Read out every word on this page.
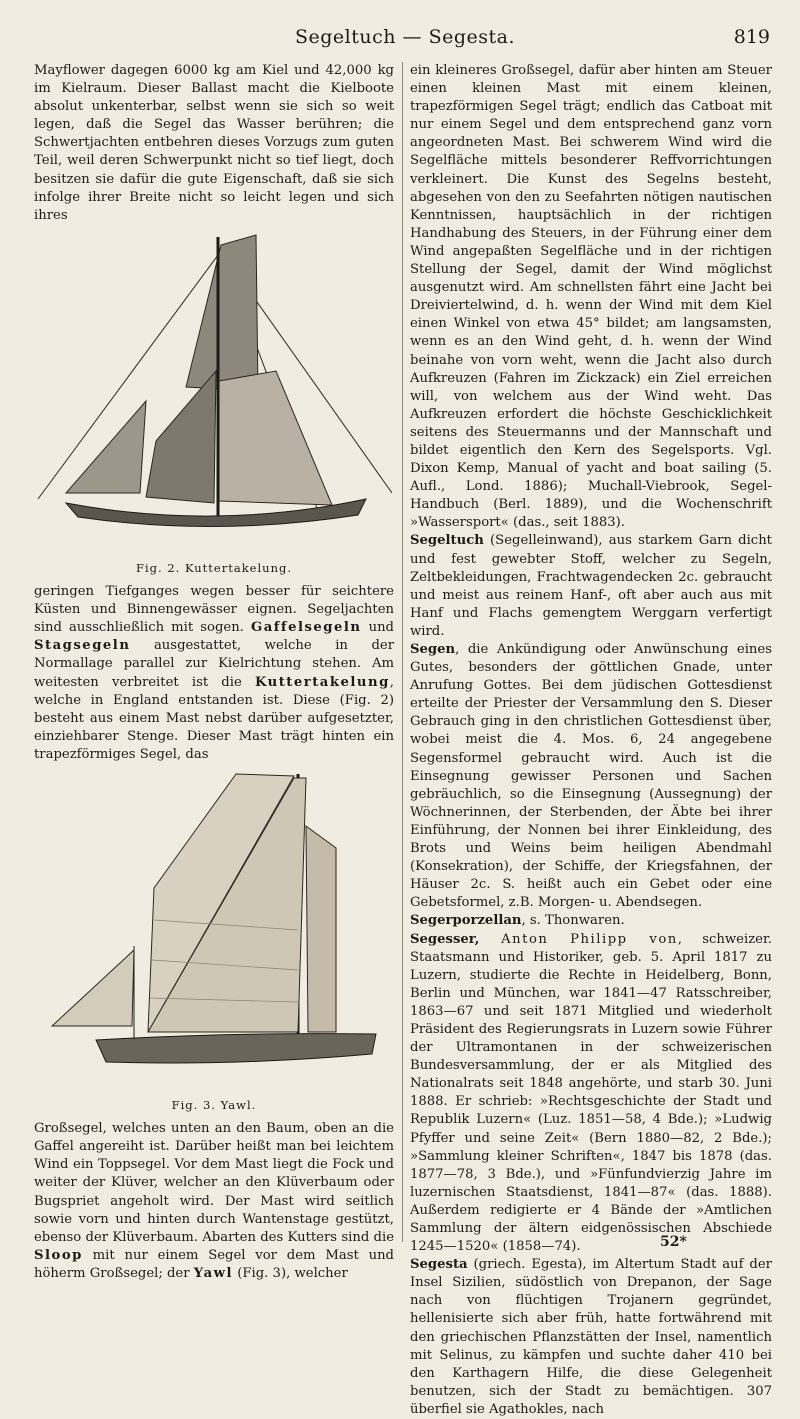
Segeltuch — Segesta.	819

Mayflower dagegen 6000 kg am Kiel und 42,000 kg im Kielraum. Dieser Ballast macht die Kielboote absolut unkenterbar, selbst wenn sie sich so weit legen, daß die Segel das Wasser berühren; die Schwertjachten entbehren dieses Vorzugs zum guten Teil, weil deren Schwerpunkt nicht so tief liegt, doch besitzen sie dafür die gute Eigenschaft, daß sie sich infolge ihrer Breite nicht so leicht legen und sich ihres

Fig. 2. Kuttertakelung.

geringen Tiefganges wegen besser für seichtere Küsten und Binnengewässer eignen. Segeljachten sind ausschließlich mit sogen. Gaffelsegeln und Stagsegeln ausgestattet, welche in der Normallage parallel zur Kielrichtung stehen. Am weitesten verbreitet ist die Kuttertakelung, welche in England entstanden ist. Diese (Fig. 2) besteht aus einem Mast nebst darüber aufgesetzter, einziehbarer Stenge. Dieser Mast trägt hinten ein trapezförmiges Segel, das

Fig. 3. Yawl.

Großsegel, welches unten an den Baum, oben an die Gaffel angereiht ist. Darüber heißt man bei leichtem Wind ein Toppsegel. Vor dem Mast liegt die Fock und weiter der Klüver, welcher an den Klüverbaum oder Bugspriet angeholt wird. Der Mast wird seitlich sowie vorn und hinten durch Wantenstage gestützt, ebenso der Klüverbaum. Abarten des Kutters sind die Sloop mit nur einem Segel vor dem Mast und höherm Großsegel; der Yawl (Fig. 3), welcher

ein kleineres Großsegel, dafür aber hinten am Steuer einen kleinen Mast mit einem kleinen, trapezförmigen Segel trägt; endlich das Catboat mit nur einem Segel und dem entsprechend ganz vorn angeordneten Mast. Bei schwerem Wind wird die Segelfläche mittels besonderer Reffvorrichtungen verkleinert. Die Kunst des Segelns besteht, abgesehen von den zu Seefahrten nötigen nautischen Kenntnissen, hauptsächlich in der richtigen Handhabung des Steuers, in der Führung einer dem Wind angepaßten Segelfläche und in der richtigen Stellung der Segel, damit der Wind möglichst ausgenutzt wird. Am schnellsten fährt eine Jacht bei Dreiviertelwind, d. h. wenn der Wind mit dem Kiel einen Winkel von etwa 45° bildet; am langsamsten, wenn es an den Wind geht, d. h. wenn der Wind beinahe von vorn weht, wenn die Jacht also durch Aufkreuzen (Fahren im Zickzack) ein Ziel erreichen will, von welchem aus der Wind weht. Das Aufkreuzen erfordert die höchste Geschicklichkeit seitens des Steuermanns und der Mannschaft und bildet eigentlich den Kern des Segelsports. Vgl. Dixon Kemp, Manual of yacht and boat sailing (5. Aufl., Lond. 1886); Muchall-Viebrook, Segel-Handbuch (Berl. 1889), und die Wochenschrift »Wassersport« (das., seit 1883).

Segeltuch (Segelleinwand), aus starkem Garn dicht und fest gewebter Stoff, welcher zu Segeln, Zeltbekleidungen, Frachtwagendecken 2c. gebraucht und meist aus reinem Hanf-, oft aber auch aus mit Hanf und Flachs gemengtem Werggarn verfertigt wird.

Segen, die Ankündigung oder Anwünschung eines Gutes, besonders der göttlichen Gnade, unter Anrufung Gottes. Bei dem jüdischen Gottesdienst erteilte der Priester der Versammlung den S. Dieser Gebrauch ging in den christlichen Gottesdienst über, wobei meist die 4. Mos. 6, 24 angegebene Segensformel gebraucht wird. Auch ist die Einsegnung gewisser Personen und Sachen gebräuchlich, so die Einsegnung (Aussegnung) der Wöchnerinnen, der Sterbenden, der Äbte bei ihrer Einführung, der Nonnen bei ihrer Einkleidung, des Brots und Weins beim heiligen Abendmahl (Konsekration), der Schiffe, der Kriegsfahnen, der Häuser 2c. S. heißt auch ein Gebet oder eine Gebetsformel, z.B. Morgen- u. Abendsegen.

Segerporzellan, s. Thonwaren.

Segesser, Anton Philipp von, schweizer. Staatsmann und Historiker, geb. 5. April 1817 zu Luzern, studierte die Rechte in Heidelberg, Bonn, Berlin und München, war 1841—47 Ratsschreiber, 1863—67 und seit 1871 Mitglied und wiederholt Präsident des Regierungsrats in Luzern sowie Führer der Ultramontanen in der schweizerischen Bundesversammlung, der er als Mitglied des Nationalrats seit 1848 angehörte, und starb 30. Juni 1888. Er schrieb: »Rechtsgeschichte der Stadt und Republik Luzern« (Luz. 1851—58, 4 Bde.); »Ludwig Pfyffer und seine Zeit« (Bern 1880—82, 2 Bde.); »Sammlung kleiner Schriften«, 1847 bis 1878 (das. 1877—78, 3 Bde.), und »Fünfundvierzig Jahre im luzernischen Staatsdienst, 1841—87« (das. 1888). Außerdem redigierte er 4 Bände der »Amtlichen Sammlung der ältern eidgenössischen Abschiede 1245—1520« (1858—74).

Segesta (griech. Egesta), im Altertum Stadt auf der Insel Sizilien, südöstlich von Drepanon, der Sage nach von flüchtigen Trojanern gegründet, hellenisierte sich aber früh, hatte fortwährend mit den griechischen Pflanzstätten der Insel, namentlich mit Selinus, zu kämpfen und suchte daher 410 bei den Karthagern Hilfe, die diese Gelegenheit benutzen, sich der Stadt zu bemächtigen. 307 überfiel sie Agathokles, nach

52*
